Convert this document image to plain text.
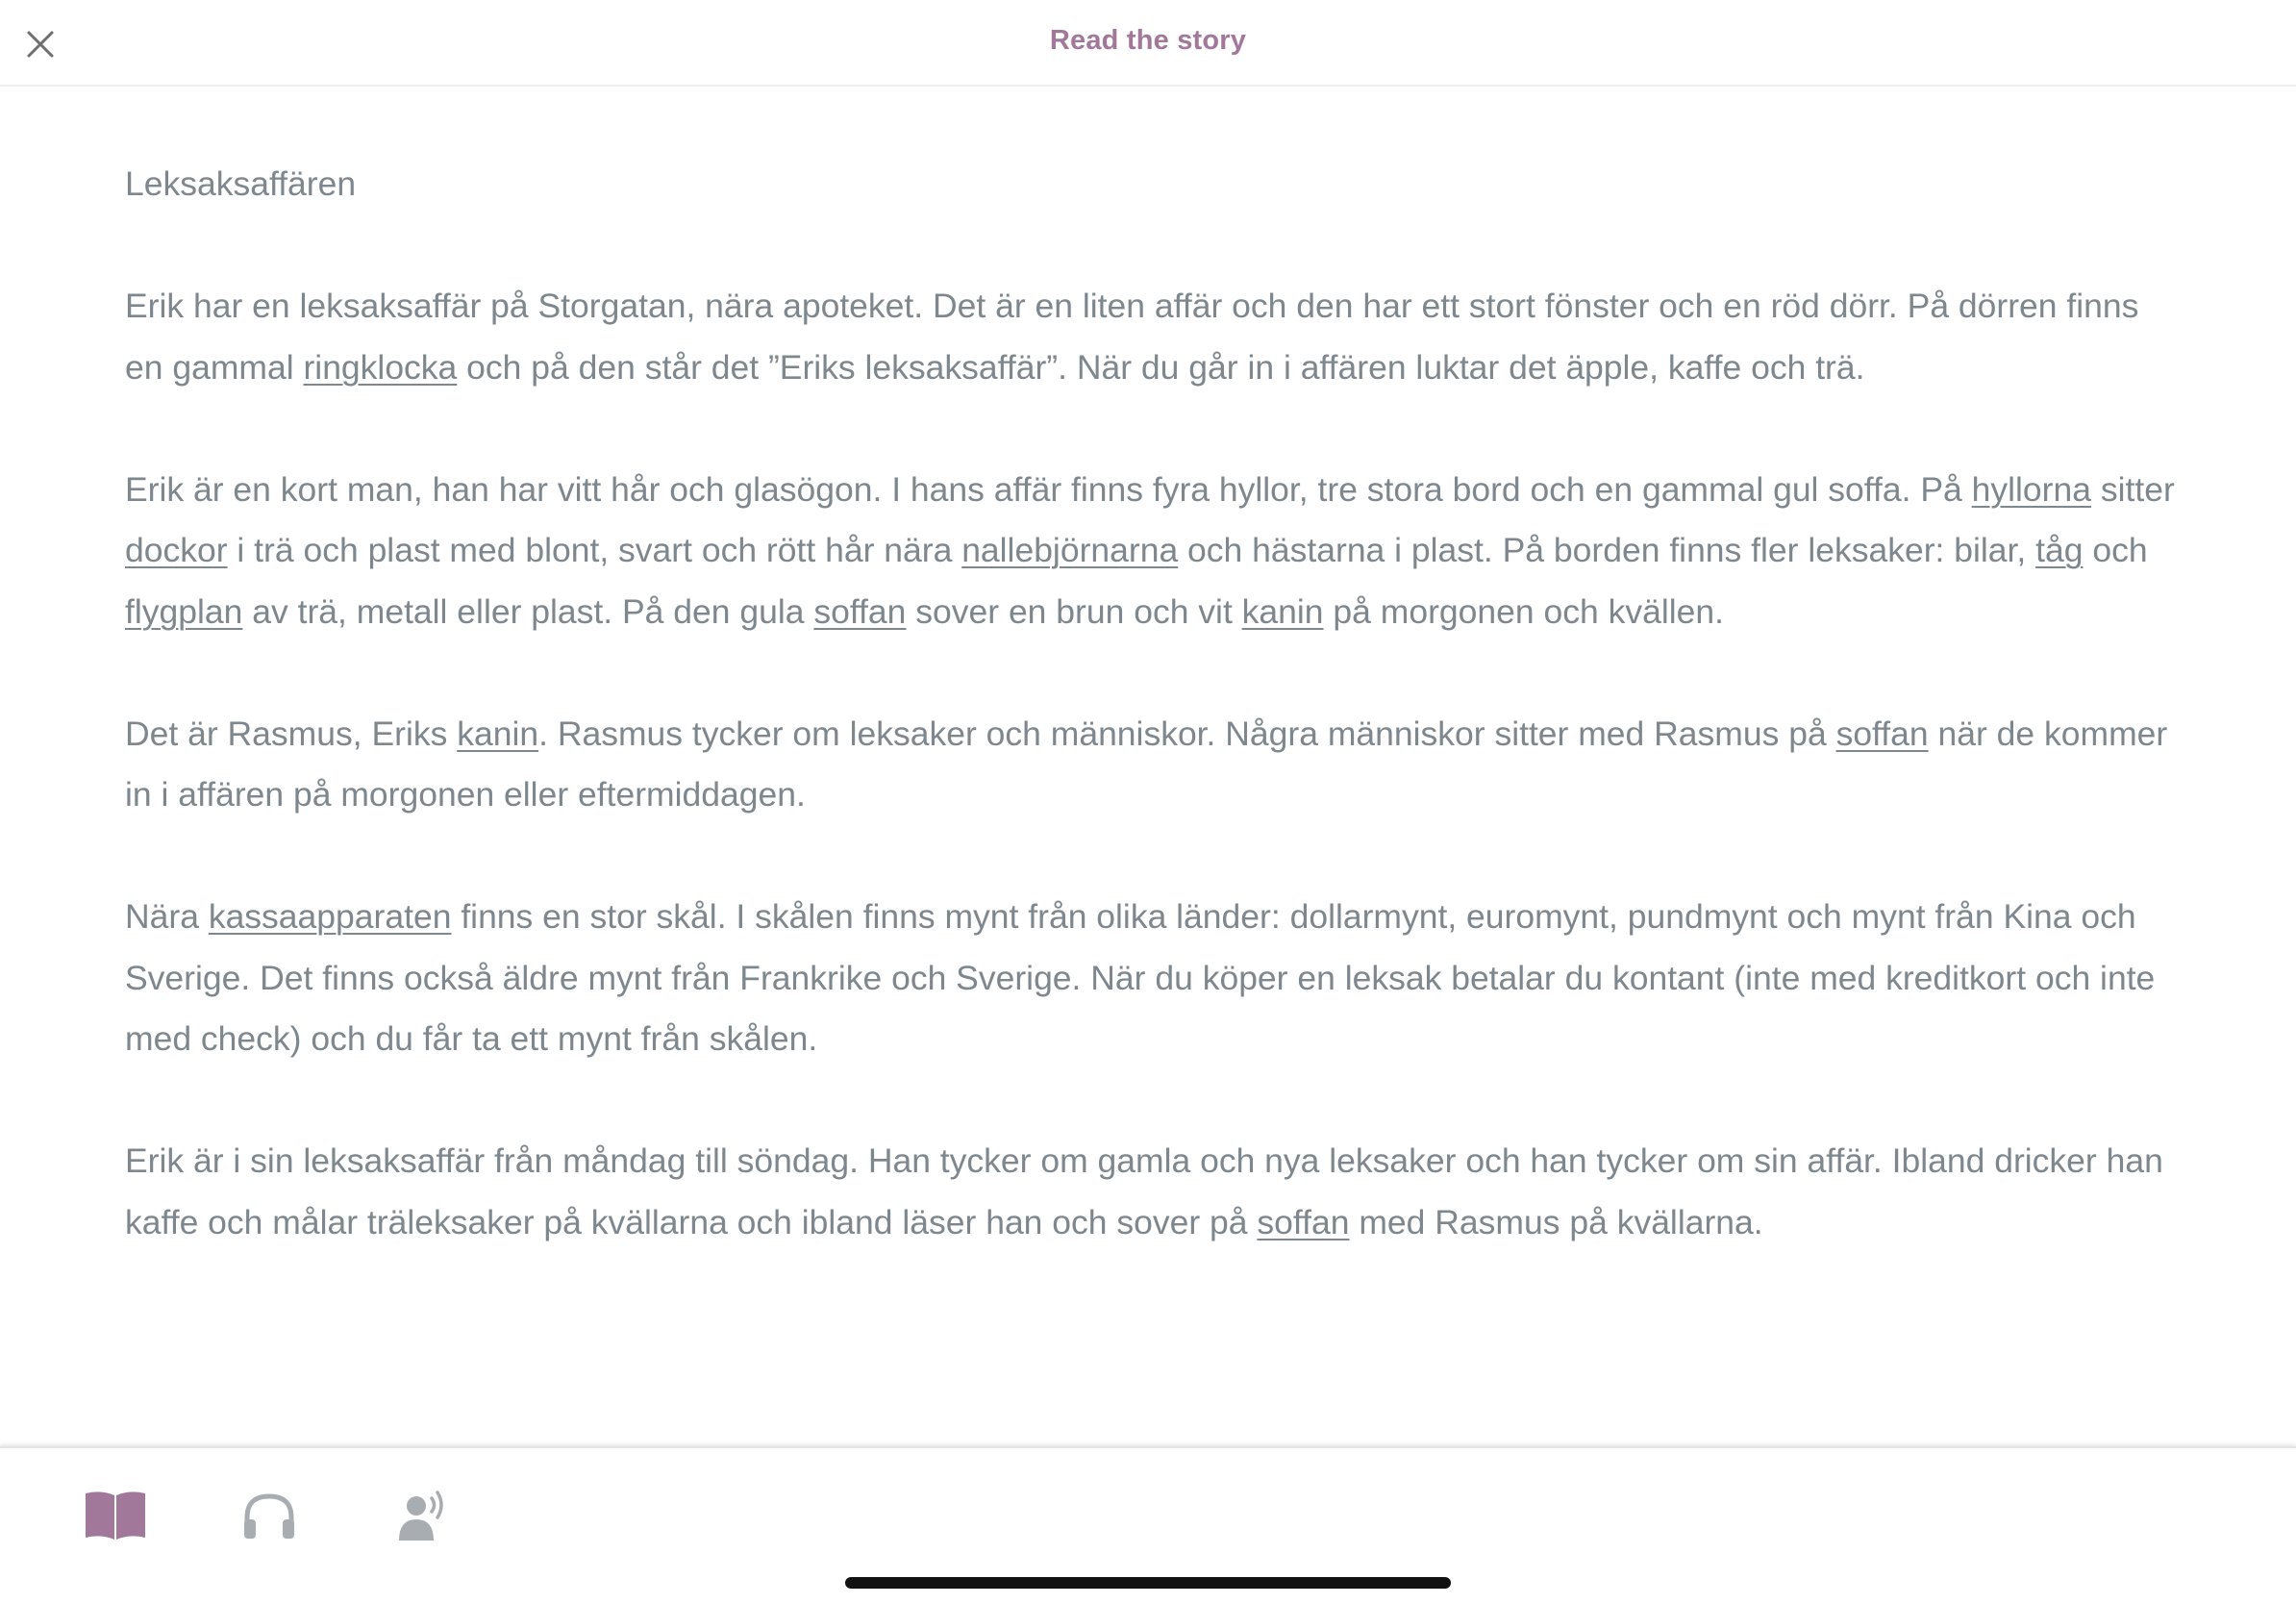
Read the story

Leksaksaffären

Erik har en leksaksaffär på Storgatan, nära apoteket. Det är en liten affär och den har ett stort fönster och en röd dörr. På dörren finns en gammal ringklocka och på den står det ”Eriks leksaksaffär”. När du går in i affären luktar det äpple, kaffe och trä.

Erik är en kort man, han har vitt hår och glasögon. I hans affär finns fyra hyllor, tre stora bord och en gammal gul soffa. På hyllorna sitter dockor i trä och plast med blont, svart och rött hår nära nallebjörnarna och hästarna i plast. På borden finns fler leksaker: bilar, tåg och flygplan av trä, metall eller plast. På den gula soffan sover en brun och vit kanin på morgonen och kvällen.

Det är Rasmus, Eriks kanin. Rasmus tycker om leksaker och människor. Några människor sitter med Rasmus på soffan när de kommer in i affären på morgonen eller eftermiddagen.

Nära kassaapparaten finns en stor skål. I skålen finns mynt från olika länder: dollarmynt, euromynt, pundmynt och mynt från Kina och Sverige. Det finns också äldre mynt från Frankrike och Sverige. När du köper en leksak betalar du kontant (inte med kreditkort och inte med check) och du får ta ett mynt från skålen.

Erik är i sin leksaksaffär från måndag till söndag. Han tycker om gamla och nya leksaker och han tycker om sin affär. Ibland dricker han kaffe och målar träleksaker på kvällarna och ibland läser han och sover på soffan med Rasmus på kvällarna.
